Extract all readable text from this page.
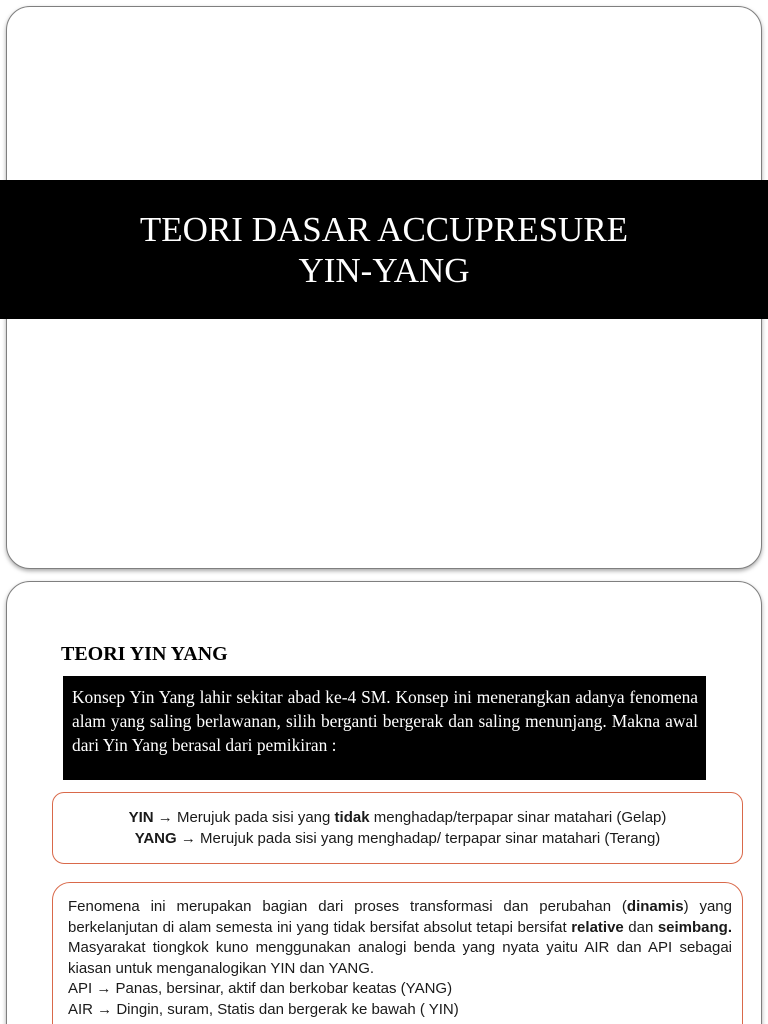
TEORI DASAR ACCUPRESURE
YIN-YANG
TEORI YIN YANG
Konsep Yin Yang lahir sekitar abad ke-4 SM. Konsep ini menerangkan adanya fenomena alam yang saling berlawanan, silih berganti bergerak dan saling menunjang. Makna awal dari Yin Yang berasal dari pemikiran :
YIN → Merujuk pada sisi yang tidak menghadap/terpapar sinar matahari (Gelap)
YANG → Merujuk pada sisi yang menghadap/ terpapar sinar matahari (Terang)
Fenomena ini merupakan bagian dari proses transformasi dan perubahan (dinamis) yang berkelanjutan di alam semesta ini yang tidak bersifat absolut tetapi bersifat relative dan seimbang. Masyarakat tiongkok kuno menggunakan analogi benda yang nyata yaitu AIR dan API sebagai kiasan untuk menganalogikan YIN dan YANG.
API → Panas, bersinar, aktif dan berkobar keatas (YANG)
AIR → Dingin, suram, Statis dan bergerak ke bawah ( YIN)
